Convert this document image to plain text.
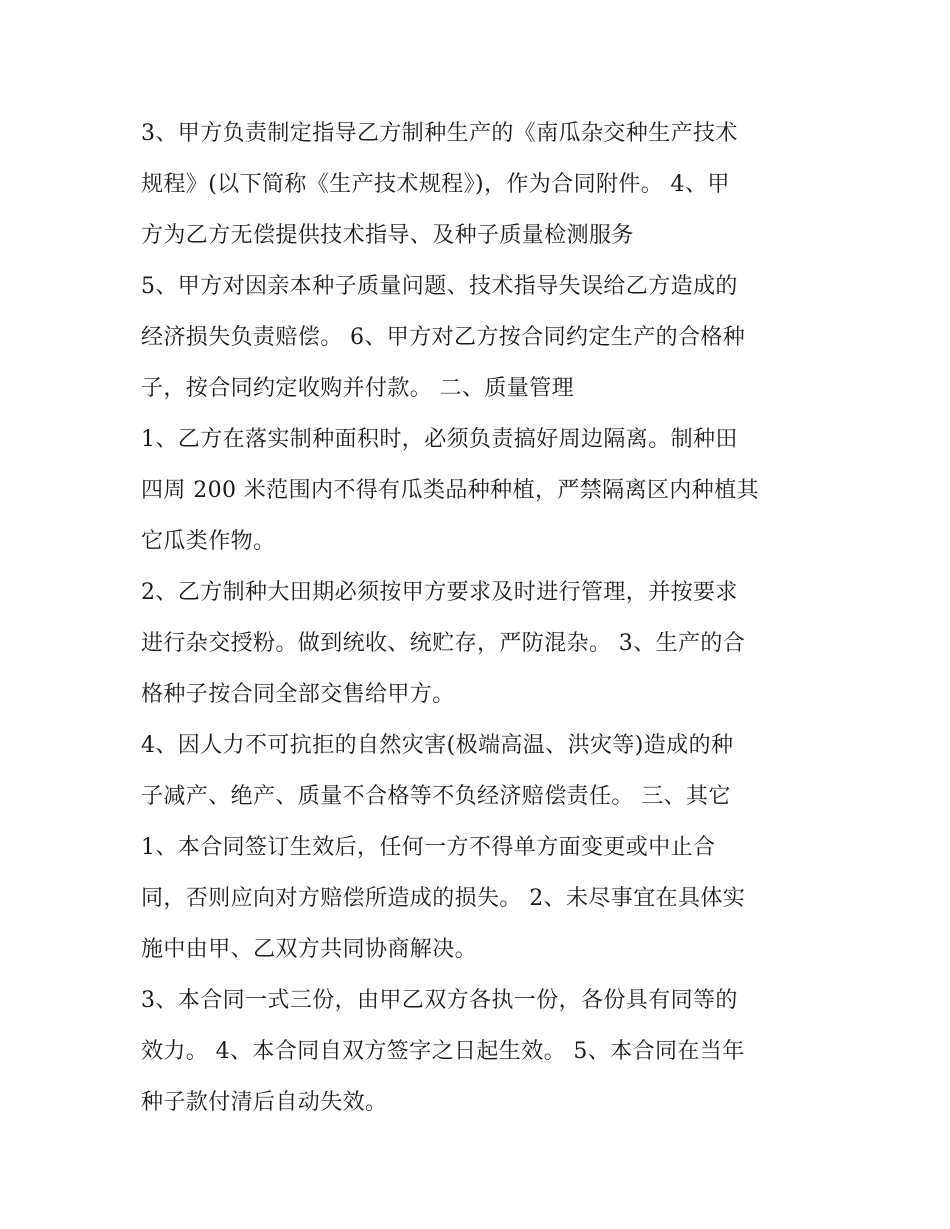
3、甲方负责制定指导乙方制种生产的《南瓜杂交种生产技术
规程》(以下简称《生产技术规程》)，作为合同附件。 4、甲
方为乙方无偿提供技术指导、及种子质量检测服务
5、甲方对因亲本种子质量问题、技术指导失误给乙方造成的
经济损失负责赔偿。 6、甲方对乙方按合同约定生产的合格种
子，按合同约定收购并付款。 二、质量管理
1、乙方在落实制种面积时，必须负责搞好周边隔离。制种田
四周 200 米范围内不得有瓜类品种种植，严禁隔离区内种植其
它瓜类作物。
2、乙方制种大田期必须按甲方要求及时进行管理，并按要求
进行杂交授粉。做到统收、统贮存，严防混杂。 3、生产的合
格种子按合同全部交售给甲方。
4、因人力不可抗拒的自然灾害(极端高温、洪灾等)造成的种
子减产、绝产、质量不合格等不负经济赔偿责任。 三、其它
1、本合同签订生效后，任何一方不得单方面变更或中止合
同，否则应向对方赔偿所造成的损失。 2、未尽事宜在具体实
施中由甲、乙双方共同协商解决。
3、本合同一式三份，由甲乙双方各执一份，各份具有同等的
效力。 4、本合同自双方签字之日起生效。 5、本合同在当年
种子款付清后自动失效。
